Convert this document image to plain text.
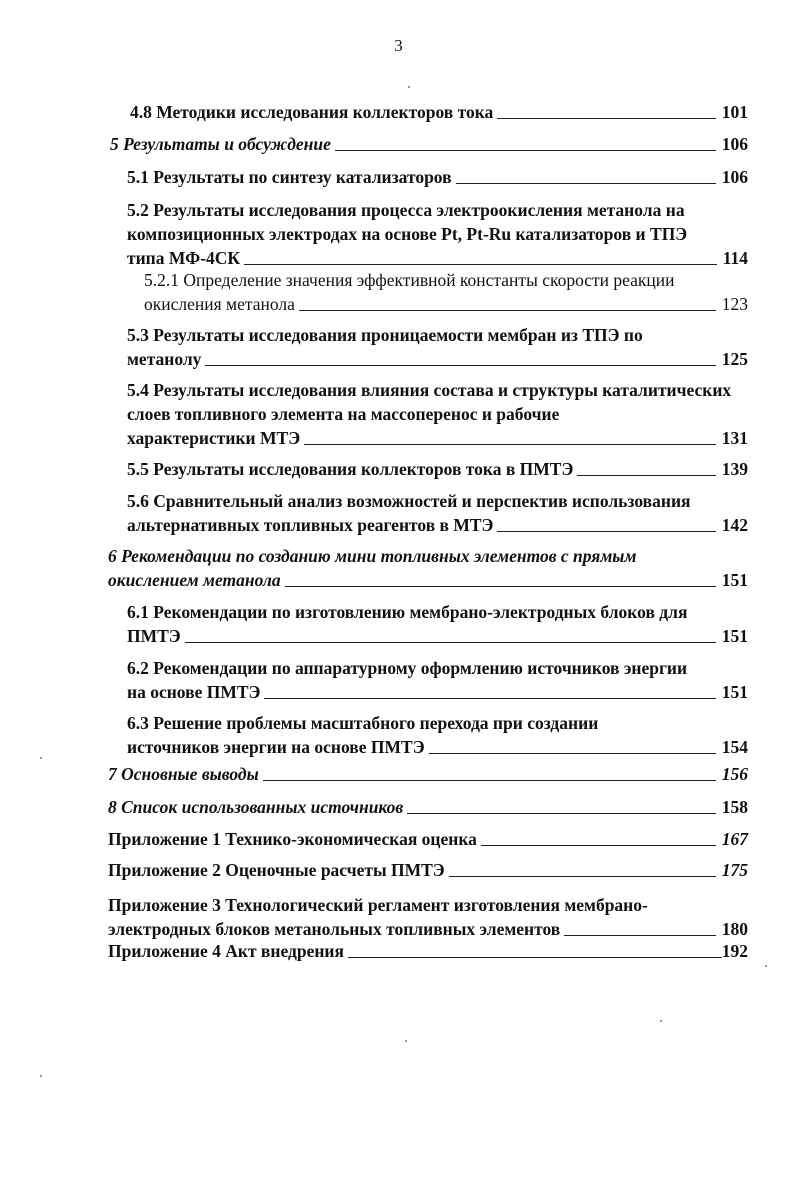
3
4.8 Методики исследования коллекторов тока	101
5 Результаты и обсуждение	106
5.1 Результаты по синтезу катализаторов	106
5.2 Результаты исследования процесса электроокисления метанола на композиционных электродах на основе Pt, Pt-Ru катализаторов и ТПЭ
типа МФ-4СК	114
5.2.1 Определение значения эффективной константы скорости реакции
окисления метанола	123
5.3 Результаты исследования проницаемости мембран из ТПЭ по
метанолу	125
5.4 Результаты исследования влияния состава и структуры каталитических слоев топливного элемента на массоперенос и рабочие
характеристики МТЭ	131
5.5 Результаты исследования коллекторов тока в ПМТЭ	139
5.6 Сравнительный анализ возможностей и перспектив использования
альтернативных топливных реагентов в МТЭ	142
6 Рекомендации по созданию мини топливных элементов с прямым
окислением метанола	151
6.1 Рекомендации по изготовлению мембрано-электродных блоков для
ПМТЭ	151
6.2 Рекомендации по аппаратурному оформлению источников энергии
на основе ПМТЭ	151
6.3 Решение проблемы масштабного перехода при создании
источников энергии на основе ПМТЭ	154
7 Основные выводы	156
8 Список использованных источников	158
Приложение 1 Технико-экономическая оценка	167
Приложение 2 Оценочные расчеты ПМТЭ	175
Приложение 3 Технологический регламент изготовления мембрано-
электродных блоков метанольных топливных элементов	180
Приложение 4 Акт внедрения	192
